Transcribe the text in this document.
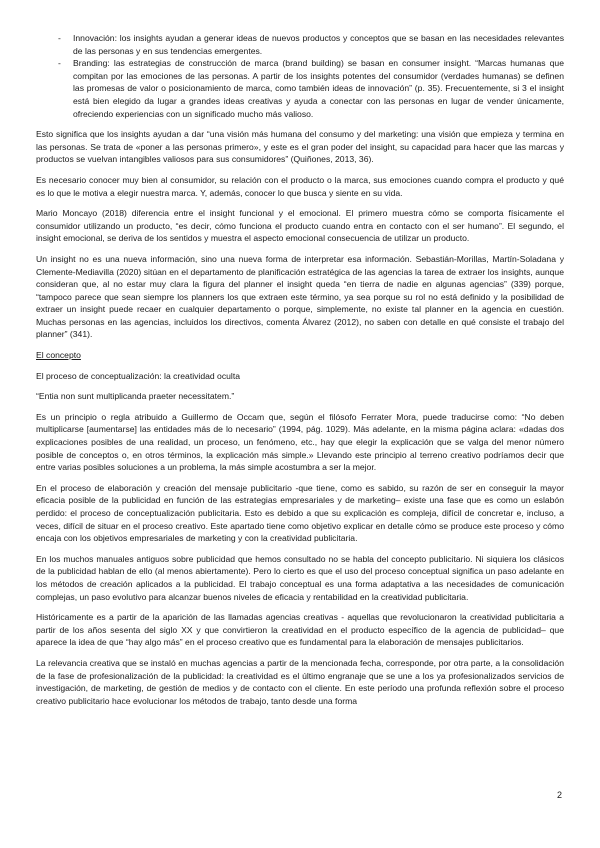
- Innovación: los insights ayudan a generar ideas de nuevos productos y conceptos que se basan en las necesidades relevantes de las personas y en sus tendencias emergentes.
- Branding: las estrategias de construcción de marca (brand building) se basan en consumer insight. “Marcas humanas que compitan por las emociones de las personas. A partir de los insights potentes del consumidor (verdades humanas) se definen las promesas de valor o posicionamiento de marca, como también ideas de innovación” (p. 35). Frecuentemente, si 3 el insight está bien elegido da lugar a grandes ideas creativas y ayuda a conectar con las personas en lugar de vender únicamente, ofreciendo experiencias con un significado mucho más valioso.

Esto significa que los insights ayudan a dar “una visión más humana del consumo y del marketing: una visión que empieza y termina en las personas. Se trata de «poner a las personas primero», y este es el gran poder del insight, su capacidad para hacer que las marcas y productos se vuelvan intangibles valiosos para sus consumidores” (Quiñones, 2013, 36).

Es necesario conocer muy bien al consumidor, su relación con el producto o la marca, sus emociones cuando compra el producto y qué es lo que le motiva a elegir nuestra marca. Y, además, conocer lo que busca y siente en su vida.

Mario Moncayo (2018) diferencia entre el insight funcional y el emocional. El primero muestra cómo se comporta físicamente el consumidor utilizando un producto, “es decir, cómo funciona el producto cuando entra en contacto con el ser humano”. El segundo, el insight emocional, se deriva de los sentidos y muestra el aspecto emocional consecuencia de utilizar un producto.

Un insight no es una nueva información, sino una nueva forma de interpretar esa información. Sebastián-Morillas, Martín-Soladana y Clemente-Mediavilla (2020) sitúan en el departamento de planificación estratégica de las agencias la tarea de extraer los insights, aunque consideran que, al no estar muy clara la figura del planner el insight queda “en tierra de nadie en algunas agencias” (339) porque, “tampoco parece que sean siempre los planners los que extraen este término, ya sea porque su rol no está definido y la posibilidad de extraer un insight puede recaer en cualquier departamento o porque, simplemente, no existe tal planner en la agencia en cuestión. Muchas personas en las agencias, incluidos los directivos, comenta Álvarez (2012), no saben con detalle en qué consiste el trabajo del planner” (341).

El concepto

El proceso de conceptualización: la creatividad oculta

“Entia non sunt multiplicanda praeter necessitatem.”

Es un principio o regla atribuido a Guillermo de Occam que, según el filósofo Ferrater Mora, puede traducirse como: “No deben multiplicarse [aumentarse] las entidades más de lo necesario” (1994, pág. 1029). Más adelante, en la misma página aclara: «dadas dos explicaciones posibles de una realidad, un proceso, un fenómeno, etc., hay que elegir la explicación que se valga del menor número posible de conceptos o, en otros términos, la explicación más simple.» Llevando este principio al terreno creativo podríamos decir que entre varias posibles soluciones a un problema, la más simple acostumbra a ser la mejor.

En el proceso de elaboración y creación del mensaje publicitario -que tiene, como es sabido, su razón de ser en conseguir la mayor eficacia posible de la publicidad en función de las estrategias empresariales y de marketing– existe una fase que es como un eslabón perdido: el proceso de conceptualización publicitaria. Esto es debido a que su explicación es compleja, difícil de concretar e, incluso, a veces, difícil de situar en el proceso creativo. Este apartado tiene como objetivo explicar en detalle cómo se produce este proceso y cómo encaja con los objetivos empresariales de marketing y con la creatividad publicitaria.

En los muchos manuales antiguos sobre publicidad que hemos consultado no se habla del concepto publicitario. Ni siquiera los clásicos de la publicidad hablan de ello (al menos abiertamente). Pero lo cierto es que el uso del proceso conceptual significa un paso adelante en los métodos de creación aplicados a la publicidad. El trabajo conceptual es una forma adaptativa a las necesidades de comunicación complejas, un paso evolutivo para alcanzar buenos niveles de eficacia y rentabilidad en la creatividad publicitaria.

Históricamente es a partir de la aparición de las llamadas agencias creativas - aquellas que revolucionaron la creatividad publicitaria a partir de los años sesenta del siglo XX y que convirtieron la creatividad en el producto específico de la agencia de publicidad– que aparece la idea de que “hay algo más” en el proceso creativo que es fundamental para la elaboración de mensajes publicitarios.

La relevancia creativa que se instaló en muchas agencias a partir de la mencionada fecha, corresponde, por otra parte, a la consolidación de la fase de profesionalización de la publicidad: la creatividad es el último engranaje que se une a los ya profesionalizados servicios de investigación, de marketing, de gestión de medios y de contacto con el cliente. En este período una profunda reflexión sobre el proceso creativo publicitario hace evolucionar los métodos de trabajo, tanto desde una forma

2
